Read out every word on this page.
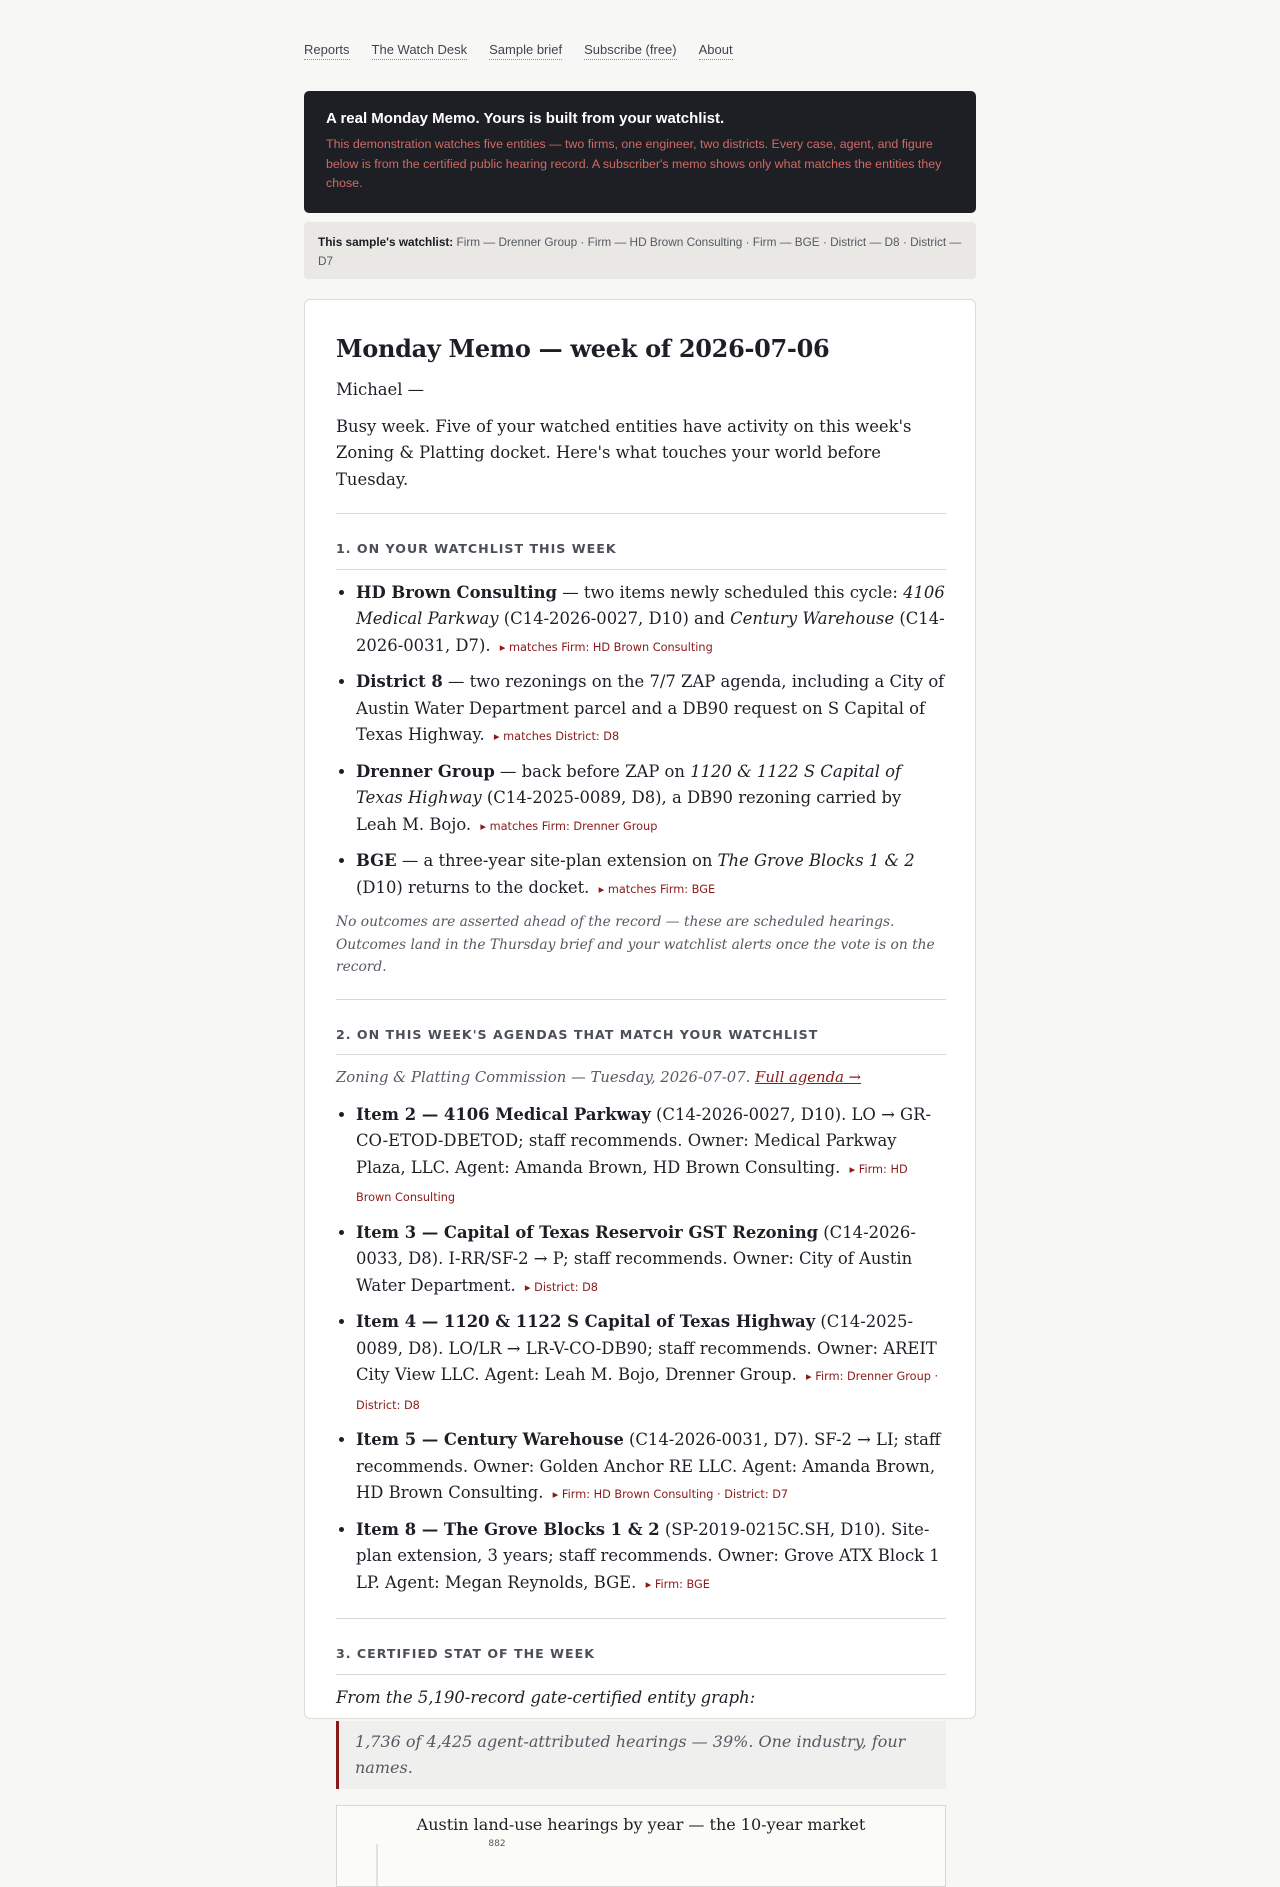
Reports The Watch Desk Sample brief Subscribe (free) About

A real Monday Memo. Yours is built from your watchlist.

This demonstration watches five entities — two firms, one engineer, two districts. Every case, agent, and figure below is from the certified public hearing record. A subscriber's memo shows only what matches the entities they chose.

This sample's watchlist: Firm — Drenner Group · Firm — HD Brown Consulting · Firm — BGE · District — D8 · District — D7
Monday Memo — week of 2026-07-06

Michael —

Busy week. Five of your watched entities have activity on this week's Zoning & Platting docket. Here's what touches your world before Tuesday.

1. ON YOUR WATCHLIST THIS WEEK
• HD Brown Consulting — two items newly scheduled this cycle: 4106 Medical Parkway (C14-2026-0027, D10) and Century Warehouse (C14-2026-0031, D7). ▸ matches Firm: HD Brown Consulting
• District 8 — two rezonings on the 7/7 ZAP agenda, including a City of Austin Water Department parcel and a DB90 request on S Capital of Texas Highway. ▸ matches District: D8
• Drenner Group — back before ZAP on 1120 & 1122 S Capital of Texas Highway (C14-2025-0089, D8), a DB90 rezoning carried by Leah M. Bojo. ▸ matches Firm: Drenner Group
• BGE — a three-year site-plan extension on The Grove Blocks 1 & 2 (D10) returns to the docket. ▸ matches Firm: BGE

No outcomes are asserted ahead of the record — these are scheduled hearings. Outcomes land in the Thursday brief and your watchlist alerts once the vote is on the record.

2. ON THIS WEEK'S AGENDAS THAT MATCH YOUR WATCHLIST

Zoning & Platting Commission — Tuesday, 2026-07-07. Full agenda →

• Item 2 — 4106 Medical Parkway (C14-2026-0027, D10). LO → GR-CO-ETOD-DBETOD; staff recommends. Owner: Medical Parkway Plaza, LLC. Agent: Amanda Brown, HD Brown Consulting. ▸ Firm: HD Brown Consulting
• Item 3 — Capital of Texas Reservoir GST Rezoning (C14-2026-0033, D8). I-RR/SF-2 → P; staff recommends. Owner: City of Austin Water Department. ▸ District: D8
• Item 4 — 1120 & 1122 S Capital of Texas Highway (C14-2025-0089, D8). LO/LR → LR-V-CO-DB90; staff recommends. Owner: AREIT City View LLC. Agent: Leah M. Bojo, Drenner Group. ▸ Firm: Drenner Group · District: D8
• Item 5 — Century Warehouse (C14-2026-0031, D7). SF-2 → LI; staff recommends. Owner: Golden Anchor RE LLC. Agent: Amanda Brown, HD Brown Consulting. ▸ Firm: HD Brown Consulting · District: D7
• Item 8 — The Grove Blocks 1 & 2 (SP-2019-0215C.SH, D10). Site-plan extension, 3 years; staff recommends. Owner: Grove ATX Block 1 LP. Agent: Megan Reynolds, BGE. ▸ Firm: BGE
3. CERTIFIED STAT OF THE WEEK

From the 5,190-record gate-certified entity graph:

1,736 of 4,425 agent-attributed hearings — 39%. One industry, four names.
Austin land-use hearings by year — the 10-year market
882
